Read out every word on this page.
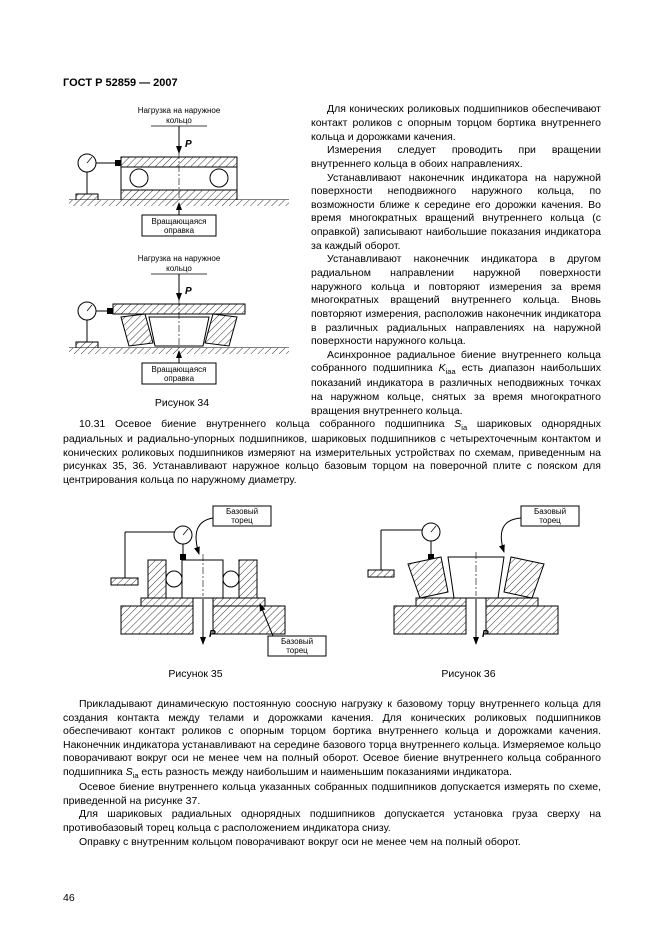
ГОСТ Р 52859 — 2007
Нагрузка на наружное
кольцо
P
Вращающаяся
оправка
Нагрузка на наружное
кольцо
P
Вращающаяся
оправка
Рисунок 34

Для конических роликовых подшипников обеспечивают контакт роликов с опорным торцом бортика внутреннего кольца и дорожками качения.

Измерения следует проводить при вращении внутреннего кольца в обоих направлениях.

Устанавливают наконечник индикатора на наружной поверхности неподвижного наружного кольца, по возможности ближе к середине его дорожки качения. Во время многократных вращений внутреннего кольца (с оправкой) записывают наибольшие показания индикатора за каждый оборот.

Устанавливают наконечник индикатора в другом радиальном направлении наружной поверхности наружного кольца и повторяют измерения за время многократных вращений внутреннего кольца. Вновь повторяют измерения, расположив наконечник индикатора в различных радиальных направлениях на наружной поверхности наружного кольца.

Асинхронное радиальное биение внутреннего кольца собранного подшипника $K_{iaa}$ есть диапазон наибольших показаний индикатора в различных неподвижных точках на наружном кольце, снятых за время многократного вращения внутреннего кольца.

10.31 Осевое биение внутреннего кольца собранного подшипника $S_{ia}$ шариковых однорядных радиальных и радиально-упорных подшипников, шариковых подшипников с четырехточечным контактом и конических роликовых подшипников измеряют на измерительных устройствах по схемам, приведенным на рисунках 35, 36. Устанавливают наружное кольцо базовым торцом на поверочной плите с пояском для центрирования кольца по наружному диаметру.

Базовый
торец
P
Базовый
торец
Рисунок 35
Базовый
торец
P
Рисунок 36

Прикладывают динамическую постоянную соосную нагрузку к базовому торцу внутреннего кольца для создания контакта между телами и дорожками качения. Для конических роликовых подшипников обеспечивают контакт роликов с опорным торцом бортика внутреннего кольца и дорожками качения. Наконечник индикатора устанавливают на середине базового торца внутреннего кольца. Измеряемое кольцо поворачивают вокруг оси не менее чем на полный оборот. Осевое биение внутреннего кольца собранного подшипника $S_{ia}$ есть разность между наибольшим и наименьшим показаниями индикатора.

Осевое биение внутреннего кольца указанных собранных подшипников допускается измерять по схеме, приведенной на рисунке 37.

Для шариковых радиальных однорядных подшипников допускается установка груза сверху на противобазовый торец кольца с расположением индикатора снизу.

Оправку с внутренним кольцом поворачивают вокруг оси не менее чем на полный оборот.

46
